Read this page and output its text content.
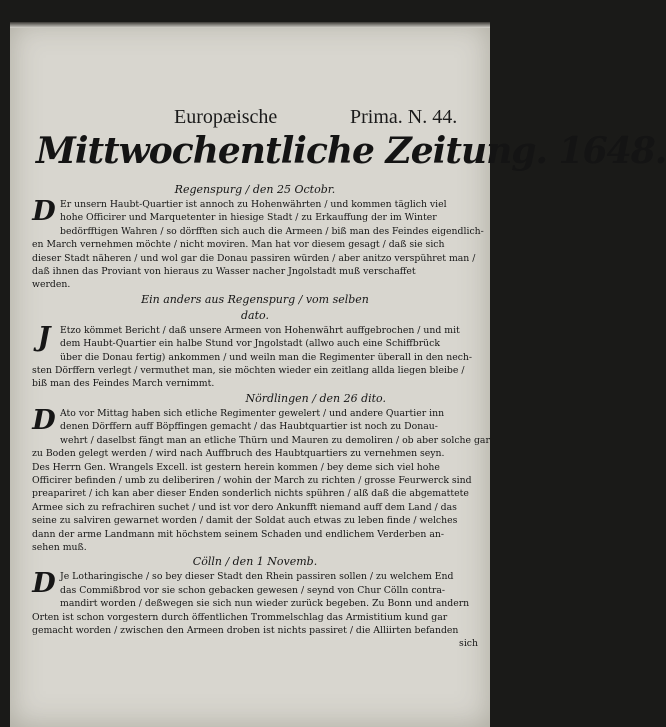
Europæische	Prima. N. 44.
Mittwochentliche Zeitung. 1648.

Regenspurg / den 25 Octobr.

D Er unsern Haubt-Quartier ist annoch zu Hohenwährten / und kommen täglich viel
hohe Officirer und Marquetenter in hiesige Stadt / zu Erkauffung der im Winter
bedörfftigen Wahren / so dörfften sich auch die Armeen / biß man des Feindes eigendlich-
en March vernehmen möchte / nicht moviren. Man hat vor diesem gesagt / daß sie sich
dieser Stadt näheren / und wol gar die Donau passiren würden / aber anitzo verspühret man /
daß ihnen das Proviant von hieraus zu Wasser nacher Jngolstadt muß verschaffet
werden.

Ein anders aus Regenspurg / vom selben

dato.

J	Etzo kömmet Bericht / daß unsere Armeen von Hohenwährt auffgebrochen / und mit
dem Haubt-Quartier ein halbe Stund vor Jngolstadt (allwo auch eine Schiffbrück
über die Donau fertig) ankommen / und weiln man die Regimenter überall in den nech-
sten Dörffern verlegt / vermuthet man, sie möchten wieder ein zeitlang allda liegen bleibe /
biß man des Feindes March vernimmt.

Nördlingen / den 26 dito.

D Ato vor Mittag haben sich etliche Regimenter gewelert / und andere Quartier inn
denen Dörffern auff Böpffingen gemacht / das Haubtquartier ist noch zu Donau-
wehrt / daselbst fängt man an etliche Thürn und Mauren zu demoliren / ob aber solche gar
zu Boden gelegt werden / wird nach Auffbruch des Haubtquartiers zu vernehmen seyn.
Des Herrn Gen. Wrangels Excell. ist gestern herein kommen / bey deme sich viel hohe
Officirer befinden / umb zu deliberiren / wohin der March zu richten / grosse Feurwerck sind
preapariret / ich kan aber dieser Enden sonderlich nichts spühren / alß daß die abgemattete
Armee sich zu refrachiren suchet / und ist vor dero Ankunfft niemand auff dem Land / das
seine zu salviren gewarnet worden / damit der Soldat auch etwas zu leben finde / welches
dann der arme Landmann mit höchstem seinem Schaden und endlichem Verderben an-
sehen muß.

Cölln / den 1 Novemb.

D Je Lotharingische / so bey dieser Stadt den Rhein passiren sollen / zu welchem End
das Commißbrod vor sie schon gebacken gewesen / seynd von Chur Cölln contra-
mandirt worden / deßwegen sie sich nun wieder zurück begeben. Zu Bonn und andern
Orten ist schon vorgestern durch öffentlichen Trommelschlag das Armistitium kund gar
gemacht worden / zwischen den Armeen droben ist nichts passiret / die Alliirten befanden
sich
